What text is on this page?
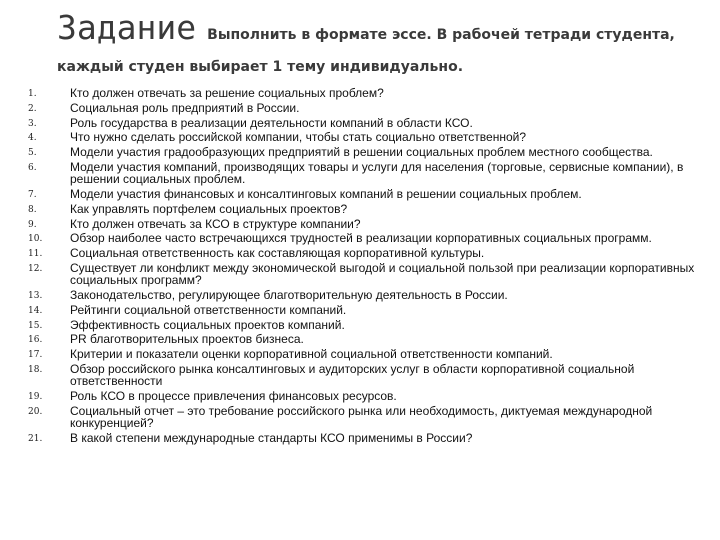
Задание Выполнить в формате эссе. В рабочей тетради студента,
каждый студен выбирает 1 тему индивидуально.
1.	Кто должен отвечать за решение социальных проблем?
2.	Социальная роль предприятий в России.
3.	Роль государства в реализации деятельности компаний в области КСО.
4.	Что нужно сделать российской компании, чтобы стать социально ответственной?
5.	Модели участия градообразующих предприятий в решении социальных проблем местного сообщества.
6.	Модели участия компаний, производящих товары и услуги для населения (торговые, сервисные компании), в решении социальных проблем.
7.	Модели участия финансовых и консалтинговых компаний в решении социальных проблем.
8.	Как управлять портфелем социальных проектов?
9.	Кто должен отвечать за КСО в структуре компании?
10. Обзор наиболее часто встречающихся трудностей в реализации корпоративных социальных программ.
11. Социальная ответственность как составляющая корпоративной культуры.
12. Существует ли конфликт между экономической выгодой и социальной пользой при реализации корпоративных социальных программ?
13. Законодательство, регулирующее благотворительную деятельность в России.
14. Рейтинги социальной ответственности компаний.
15. Эффективность социальных проектов компаний.
16. PR благотворительных проектов бизнеса.
17. Критерии и показатели оценки корпоративной социальной ответственности компаний.
18. Обзор российского рынка консалтинговых и аудиторских услуг в области корпоративной социальной ответственности
19. Роль КСО в процессе привлечения финансовых ресурсов.
20. Социальный отчет – это требование российского рынка или необходимость, диктуемая международной конкуренцией?
21. В какой степени международные стандарты КСО применимы в России?
